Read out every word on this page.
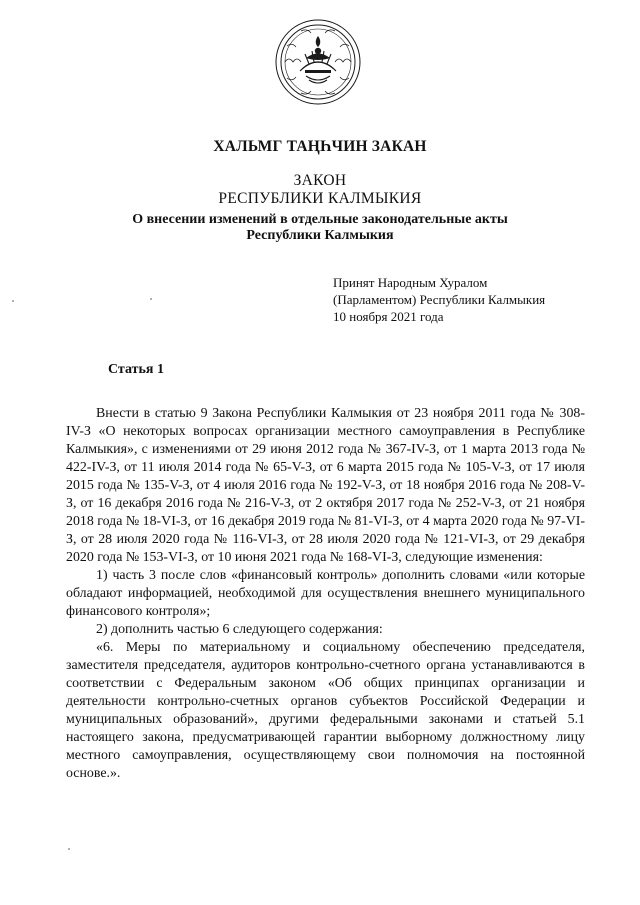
ХАЛЬМГ ТАҢҺЧИН ЗАКАН
ЗАКОН
РЕСПУБЛИКИ КАЛМЫКИЯ
О внесении изменений в отдельные законодательные акты
Республики Калмыкия
Принят Народным Хуралом
(Парламентом) Республики Калмыкия
10 ноября 2021 года
Статья 1

Внести в статью 9 Закона Республики Калмыкия от 23 ноября 2011 года № 308-IV-З «О некоторых вопросах организации местного самоуправления в Республике Калмыкия», с изменениями от 29 июня 2012 года № 367-IV-З, от 1 марта 2013 года № 422-IV-З, от 11 июля 2014 года № 65-V-З, от 6 марта 2015 года № 105-V-З, от 17 июля 2015 года № 135-V-З, от 4 июля 2016 года № 192-V-З, от 18 ноября 2016 года № 208-V-З, от 16 декабря 2016 года № 216-V-З, от 2 октября 2017 года № 252-V-З, от 21 ноября 2018 года № 18-VI-З, от 16 декабря 2019 года № 81-VI-З, от 4 марта 2020 года № 97-VI-З, от 28 июля 2020 года № 116-VI-З, от 28 июля 2020 года № 121-VI-З, от 29 декабря 2020 года № 153-VI-З, от 10 июня 2021 года № 168-VI-З, следующие изменения:

1) часть 3 после слов «финансовый контроль» дополнить словами «или которые обладают информацией, необходимой для осуществления внешнего муниципального финансового контроля»;

2) дополнить частью 6 следующего содержания:

«6. Меры по материальному и социальному обеспечению председателя, заместителя председателя, аудиторов контрольно-счетного органа устанавливаются в соответствии с Федеральным законом «Об общих принципах организации и деятельности контрольно-счетных органов субъектов Российской Федерации и муниципальных образований», другими федеральными законами и статьей 5.1 настоящего закона, предусматривающей гарантии выборному должностному лицу местного самоуправления, осуществляющему свои полномочия на постоянной основе.».
